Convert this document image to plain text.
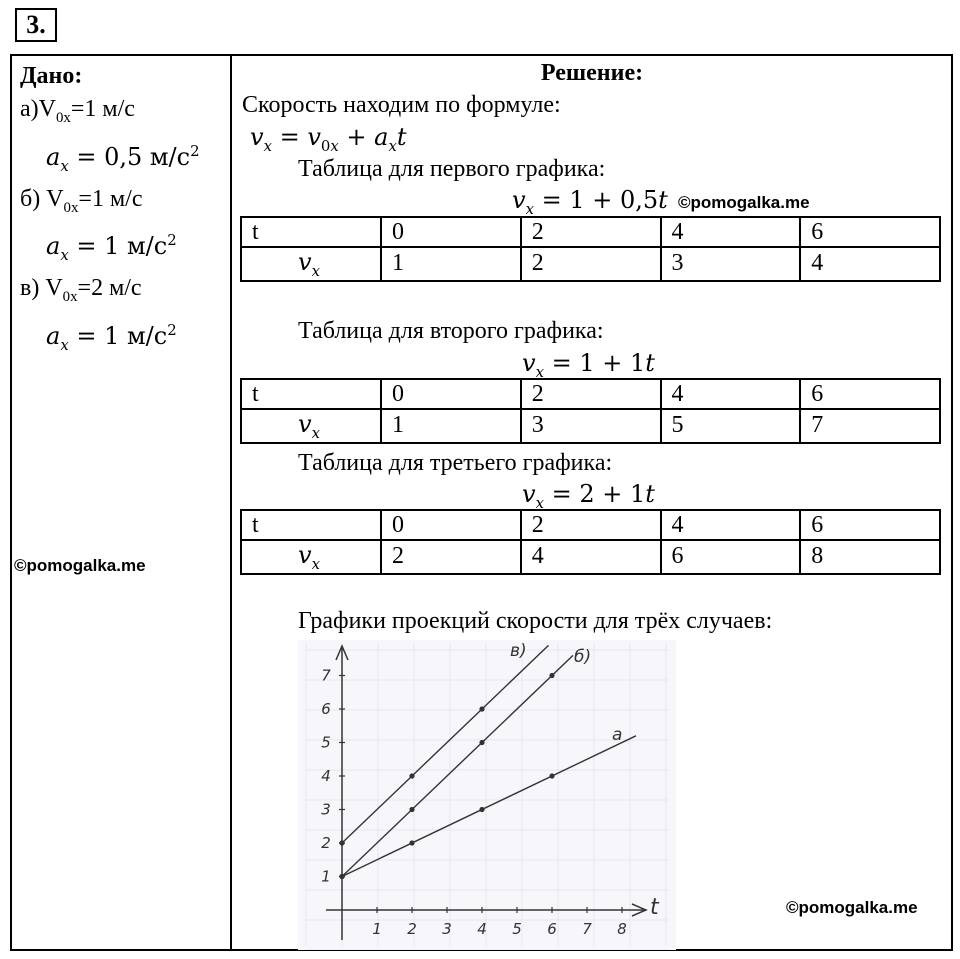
3.
Дано:
$а)V_{0x}=1$ м/с
$a_x = 0,5$ $м/с^2$
б) $V_{0x}=1$ м/с
$a_x = 1$ $м/с^2$
в) $V_{0x}=2$ м/с
$a_x = 1$ $м/с^2$
©pomogalka.me
Решение:
Скорость находим по формуле:
$v_x = v_{0x} + a_xt$
Таблица для первого графика:
$v_x = 1 + 0,5t$ ©pomogalka.me
t	0	2	4	6
$v_x$	1	2	3	4
Таблица для второго графика:
$v_x = 1 + 1t$
t	0	2	4	6
$v_x$	1	3	5	7
Таблица для третьего графика:
$v_x = 2 + 1t$
t	0	2	4	6
$v_x$	2	4	6	8
Графики проекций скорости для трёх случаев:
1 2 3 4 5 6 7 8
1
2
3
4
5
6
7
t
а
б)
в)
©pomogalka.me
